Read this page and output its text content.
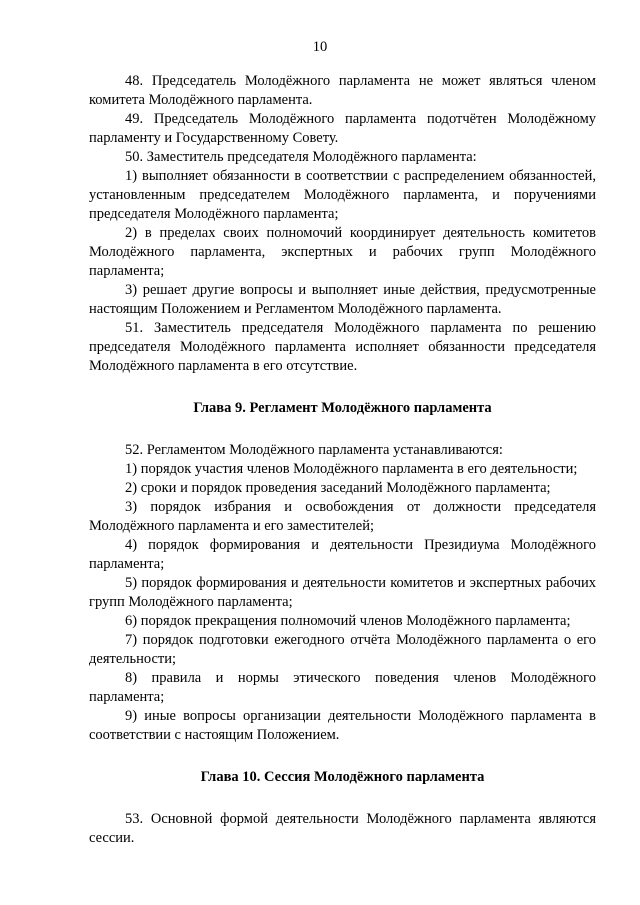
10

48. Председатель Молодёжного парламента не может являться членом комитета Молодёжного парламента.

49. Председатель Молодёжного парламента подотчётен Молодёжному парламенту и Государственному Совету.

50. Заместитель председателя Молодёжного парламента:

1) выполняет обязанности в соответствии с распределением обязанностей, установленным председателем Молодёжного парламента, и поручениями председателя Молодёжного парламента;

2) в пределах своих полномочий координирует деятельность комитетов Молодёжного парламента, экспертных и рабочих групп Молодёжного парламента;

3) решает другие вопросы и выполняет иные действия, предусмотренные настоящим Положением и Регламентом Молодёжного парламента.

51. Заместитель председателя Молодёжного парламента по решению председателя Молодёжного парламента исполняет обязанности председателя Молодёжного парламента в его отсутствие.

Глава 9. Регламент Молодёжного парламента

52. Регламентом Молодёжного парламента устанавливаются:

1) порядок участия членов Молодёжного парламента в его деятельности;

2) сроки и порядок проведения заседаний Молодёжного парламента;

3) порядок избрания и освобождения от должности председателя Молодёжного парламента и его заместителей;

4) порядок формирования и деятельности Президиума Молодёжного парламента;

5) порядок формирования и деятельности комитетов и экспертных рабочих групп Молодёжного парламента;

6) порядок прекращения полномочий членов Молодёжного парламента;

7) порядок подготовки ежегодного отчёта Молодёжного парламента о его деятельности;

8) правила и нормы этического поведения членов Молодёжного парламента;

9) иные вопросы организации деятельности Молодёжного парламента в соответствии с настоящим Положением.

Глава 10. Сессия Молодёжного парламента

53. Основной формой деятельности Молодёжного парламента являются сессии.
